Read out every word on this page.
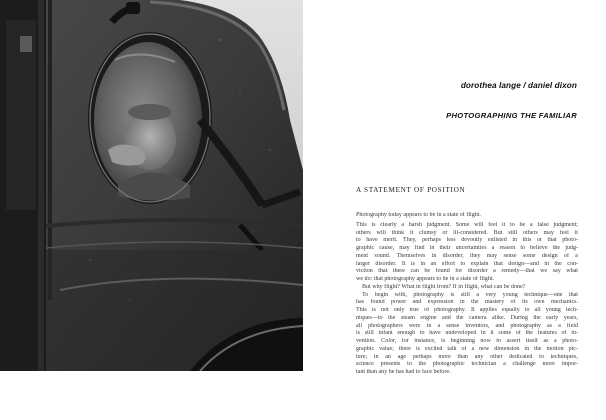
dorothea lange / daniel dixon
PHOTOGRAPHING THE FAMILIAR
A STATEMENT OF POSITION
Photography today appears to be in a state of flight.
This is clearly a harsh judgment. Some will feel it to be a false judgment;
others will think it clumsy or ill-considered. But still others may feel it
to have merit. They, perhaps less devoutly enlisted in this or that photo-
graphic cause, may find in their uncertainties a reason to believe the judg-
ment sound. Themselves in disorder, they may sense some design of a
larger disorder. It is in an effort to explain that design—and in the con-
viction that there can be found for disorder a remedy—that we say what
we do: that photography appears to be in a state of flight.
But why flight? What in flight from? If in flight, what can be done?
To begin with, photography is still a very young technique—one that
has found power and expression in the mastery of its own mechanics.
This is not only true of photography. It applies equally to all young tech-
niques—to the steam engine and the camera alike. During the early years,
all photographers were in a sense inventors, and photography as a field
is still infant enough to have undeveloped in it some of the features of in-
vention. Color, for instance, is beginning now to assert itself as a photo-
graphic value; there is excited talk of a new dimension in the motion pic-
ture; in an age perhaps more than any other dedicated to techniques,
science presents to the photographic technician a challenge more impor-
tant than any he has had to face before.
